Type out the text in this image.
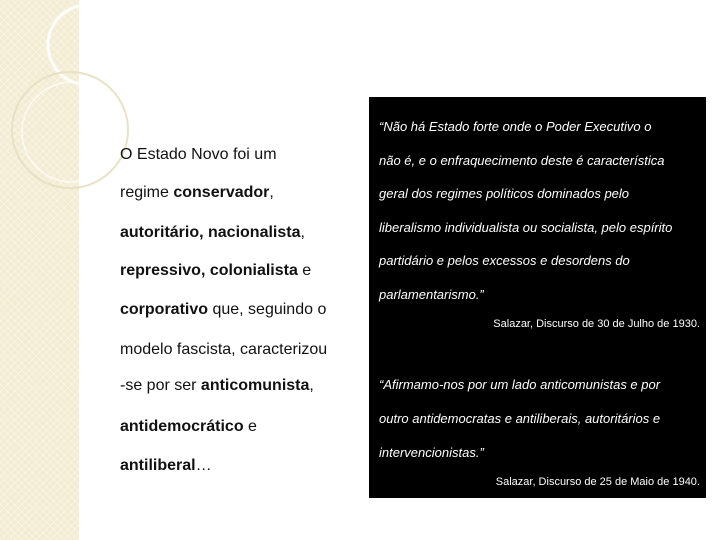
O Estado Novo foi um
regime conservador,
autoritário, nacionalista,
repressivo, colonialista e
corporativo que, seguindo o
modelo fascista, caracterizou
-se por ser anticomunista,
antidemocrático e
antiliberal…
“Não há Estado forte onde o Poder Executivo o
não é, e o enfraquecimento deste é característica
geral dos regimes políticos dominados pelo
liberalismo individualista ou socialista, pelo espírito
partidário e pelos excessos e desordens do
parlamentarismo.”
Salazar, Discurso de 30 de Julho de 1930.
“Afirmamo-nos por um lado anticomunistas e por
outro antidemocratas e antiliberais, autoritários e
intervencionistas.”
Salazar, Discurso de 25 de Maio de 1940.
